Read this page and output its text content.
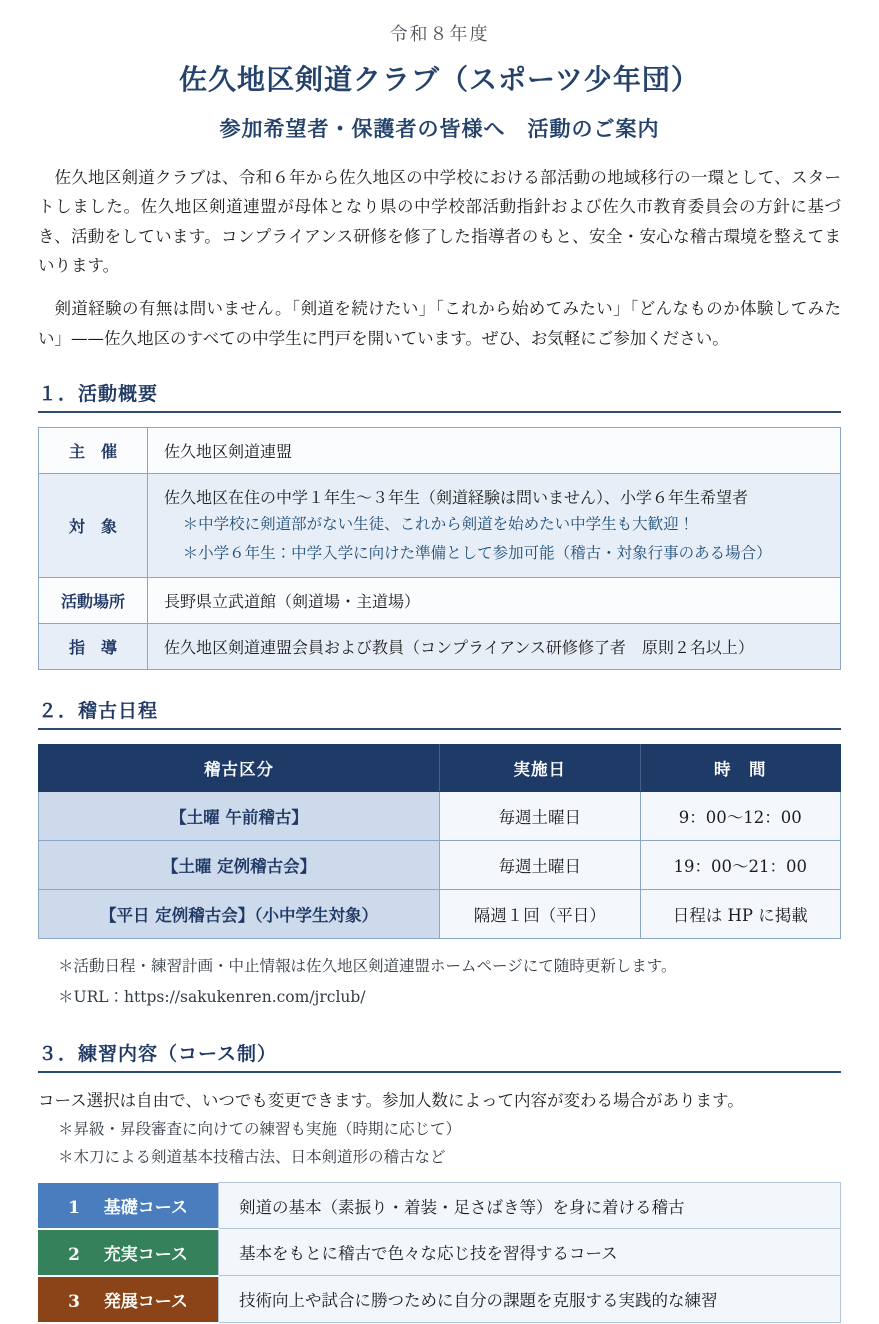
令和８年度
佐久地区剣道クラブ（スポーツ少年団）
参加希望者・保護者の皆様へ　活動のご案内

佐久地区剣道クラブは、令和６年から佐久地区の中学校における部活動の地域移行の一環として、スタートしました。佐久地区剣道連盟が母体となり県の中学校部活動指針および佐久市教育委員会の方針に基づき、活動をしています。コンプライアンス研修を修了した指導者のもと、安全・安心な稽古環境を整えてまいります。

剣道経験の有無は問いません。「剣道を続けたい」「これから始めてみたい」「どんなものか体験してみたい」——佐久地区のすべての中学生に門戸を開いています。ぜひ、お気軽にご参加ください。

１．活動概要
主　催	佐久地区剣道連盟
対　象	佐久地区在住の中学１年生～３年生（剣道経験は問いません）、小学６年生希望者
＊中学校に剣道部がない生徒、これから剣道を始めたい中学生も大歓迎！
＊小学６年生：中学入学に向けた準備として参加可能（稽古・対象行事のある場合）

活動場所	長野県立武道館（剣道場・主道場）
指　導	佐久地区剣道連盟会員および教員（コンプライアンス研修修了者　原則２名以上）
２．稽古日程
稽古区分	実施日	時　間
【土曜 午前稽古】	毎週土曜日	9：00～12：00
【土曜 定例稽古会】	毎週土曜日	19：00～21：00
【平日 定例稽古会】（小中学生対象）	隔週１回（平日）	日程は HP に掲載
＊活動日程・練習計画・中止情報は佐久地区剣道連盟ホームページにて随時更新します。
＊URL：https://sakukenren.com/jrclub/
３．練習内容（コース制）
コース選択は自由で、いつでも変更できます。参加人数によって内容が変わる場合があります。
＊昇級・昇段審査に向けての練習も実施（時期に応じて）
＊木刀による剣道基本技稽古法、日本剣道形の稽古など
1 基礎コース	剣道の基本（素振り・着装・足さばき等）を身に着ける稽古
2 充実コース	基本をもとに稽古で色々な応じ技を習得するコース
3 発展コース	技術向上や試合に勝つために自分の課題を克服する実践的な練習
